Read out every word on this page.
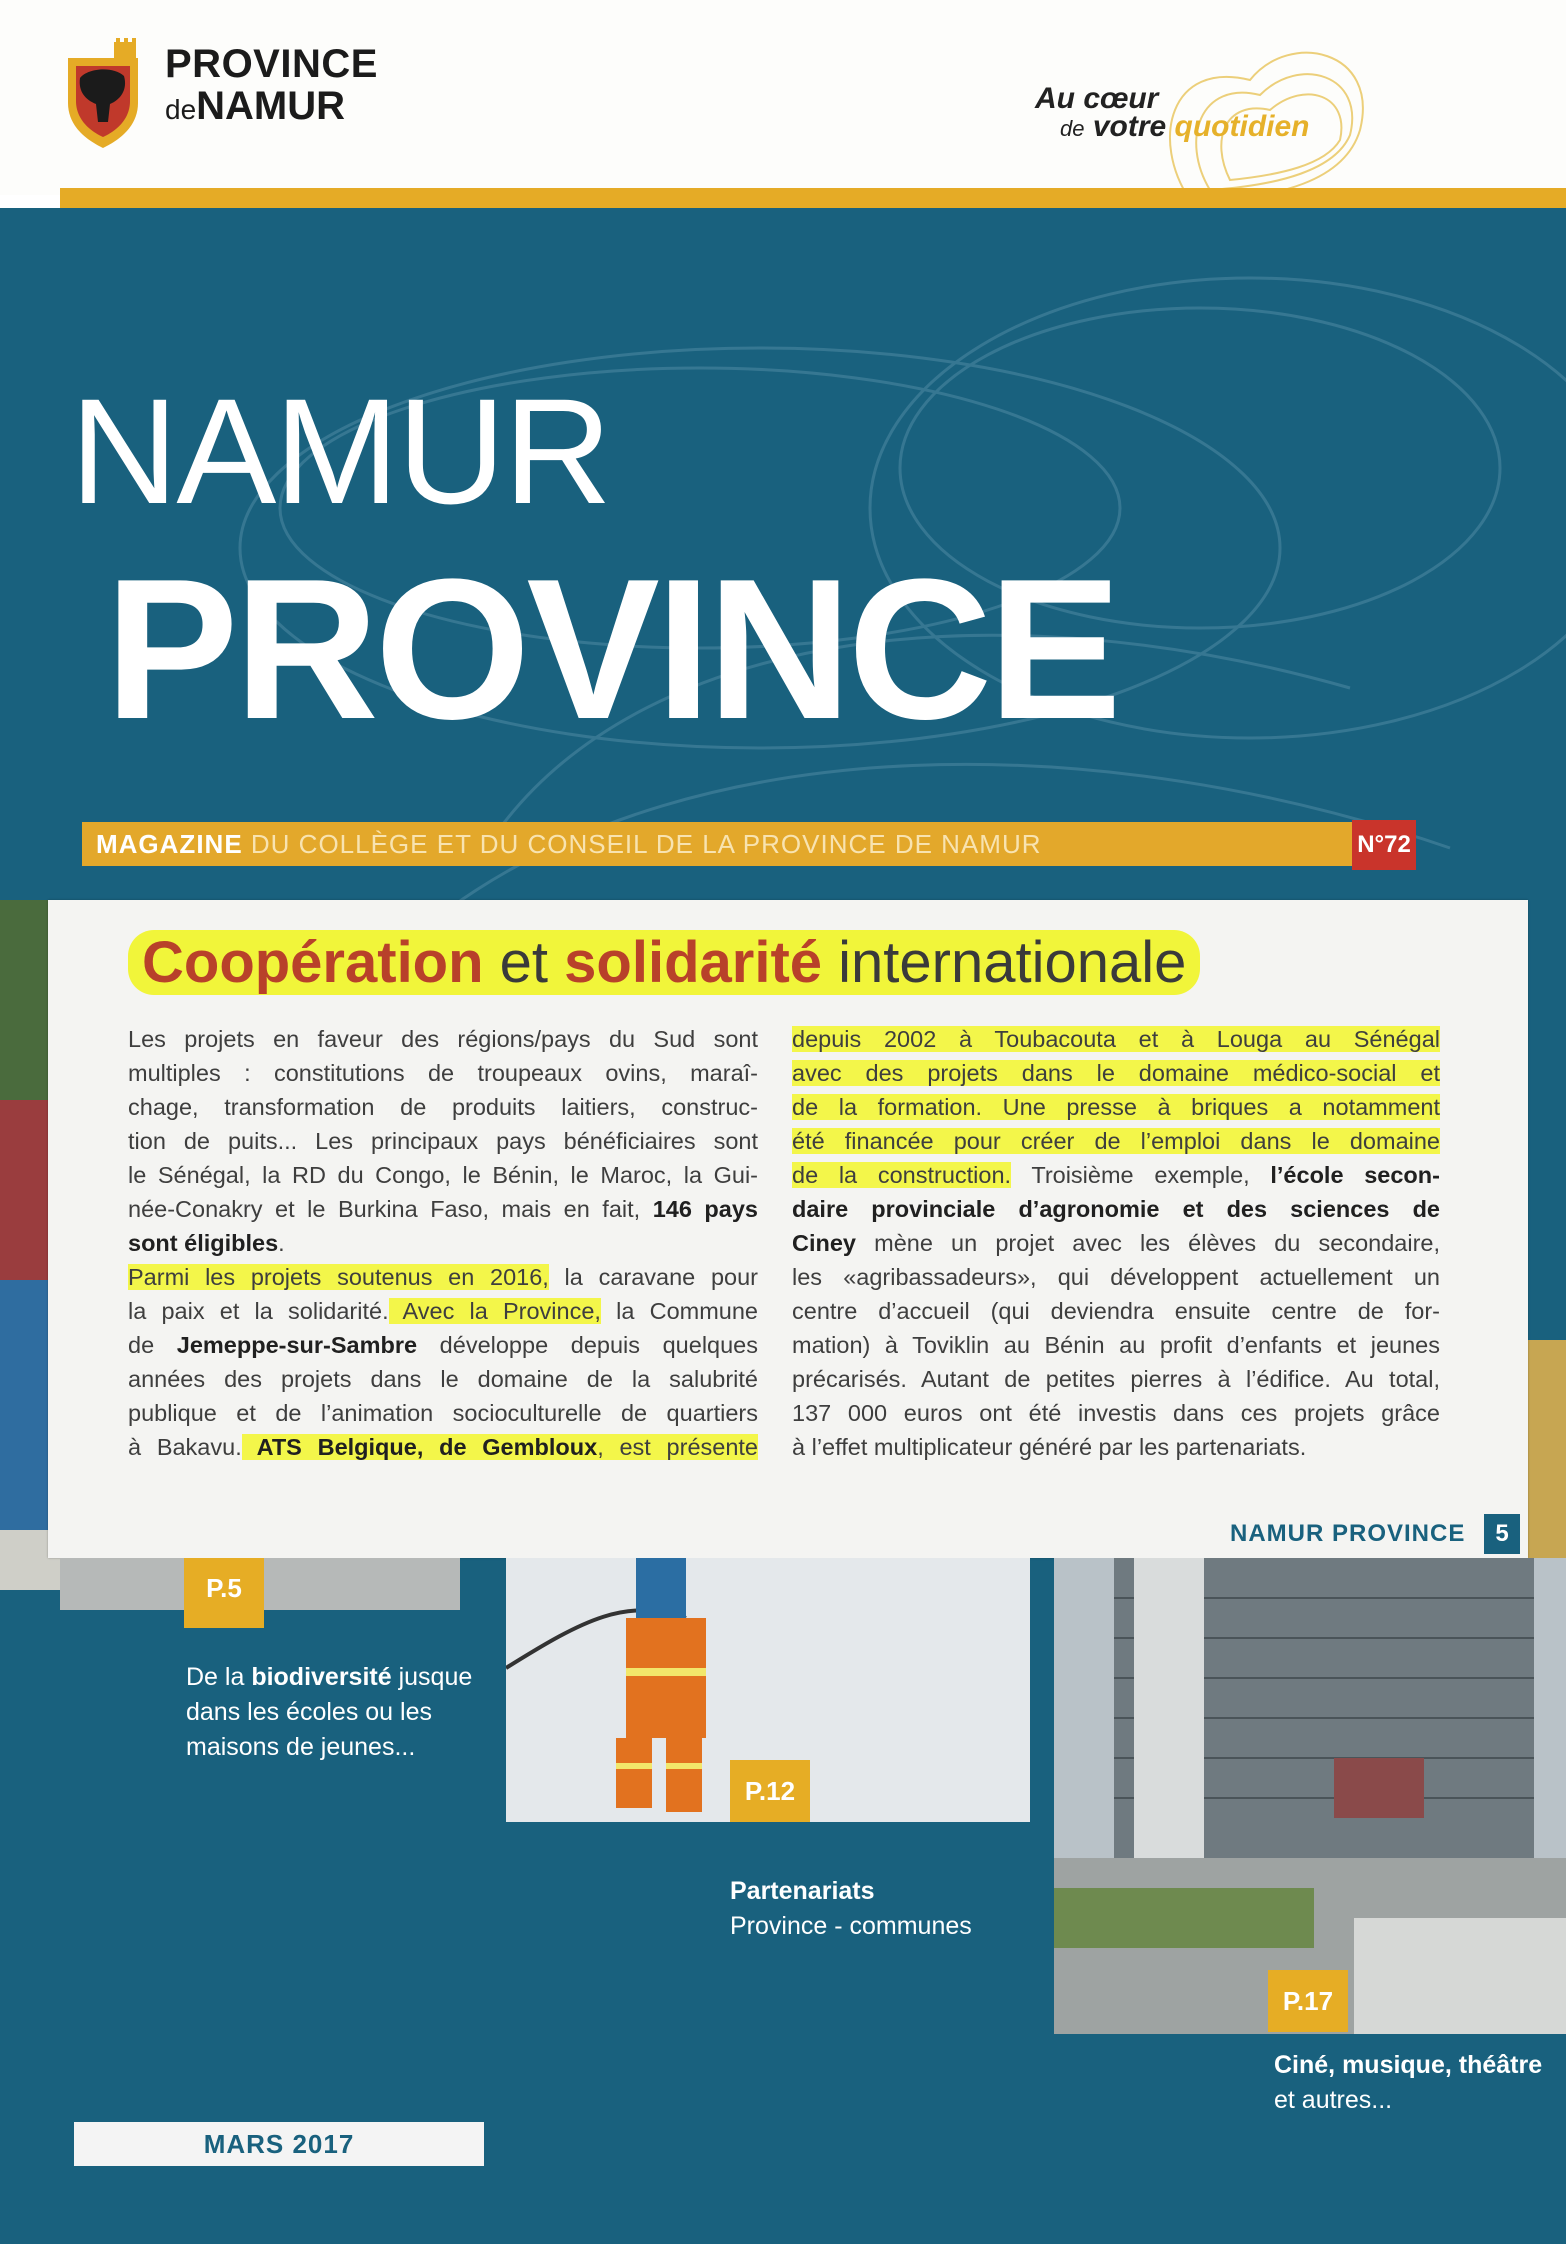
PROVINCE
deNAMUR	Au cœur
de votre quotidien
NAMUR
PROVINCE
MAGAZINE DU COLLÈGE ET DU CONSEIL DE LA PROVINCE DE NAMUR	N°72
Coopération et solidarité internationale
Les projets en faveur des régions/pays du Sud sont
multiples : constitutions de troupeaux ovins, maraî-
chage, transformation de produits laitiers, construc-
tion de puits... Les principaux pays bénéficiaires sont
le Sénégal, la RD du Congo, le Bénin, le Maroc, la Gui-
née-Conakry et le Burkina Faso, mais en fait, 146 pays
sont éligibles.
Parmi les projets soutenus en 2016, la caravane pour
la paix et la solidarité. Avec la Province, la Commune
de Jemeppe-sur-Sambre développe depuis quelques
années des projets dans le domaine de la salubrité
publique et de l’animation socioculturelle de quartiers
à Bakavu. ATS Belgique, de Gembloux, est présente
depuis 2002 à Toubacouta et à Louga au Sénégal
avec des projets dans le domaine médico-social et
de la formation. Une presse à briques a notamment
été financée pour créer de l’emploi dans le domaine
de la construction. Troisième exemple, l’école secon-
daire provinciale d’agronomie et des sciences de
Ciney mène un projet avec les élèves du secondaire,
les «agribassadeurs», qui développent actuellement un
centre d’accueil (qui deviendra ensuite centre de for-
mation) à Toviklin au Bénin au profit d’enfants et jeunes
précarisés. Autant de petites pierres à l’édifice. Au total,
137 000 euros ont été investis dans ces projets grâce
à l’effet multiplicateur généré par les partenariats.
NAMUR PROVINCE	5
P.5
De la biodiversité jusque dans les écoles ou les maisons de jeunes...
P.12
Partenariats
Province - communes
P.17
Ciné, musique, théâtre et autres...
MARS 2017
